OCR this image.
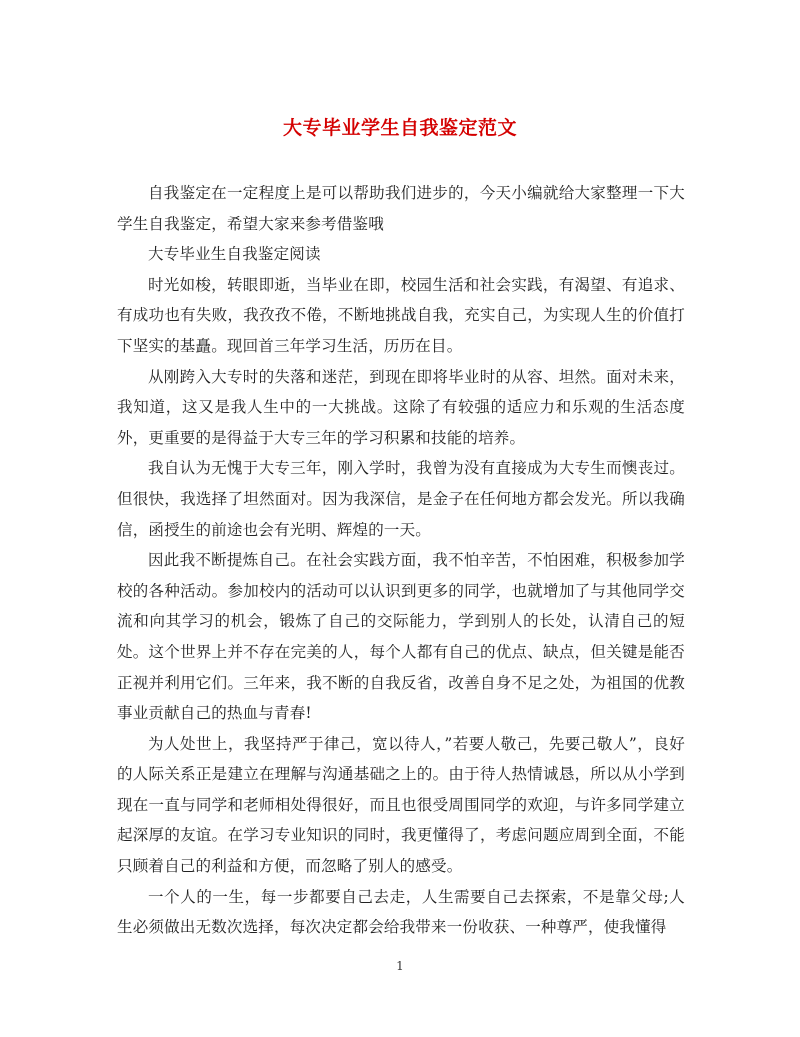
大专毕业学生自我鉴定范文

自我鉴定在一定程度上是可以帮助我们进步的，今天小编就给大家整理一下大学生自我鉴定，希望大家来参考借鉴哦

大专毕业生自我鉴定阅读

时光如梭，转眼即逝，当毕业在即，校园生活和社会实践，有渴望、有追求、有成功也有失败，我孜孜不倦，不断地挑战自我，充实自己，为实现人生的价值打下坚实的基矗。现回首三年学习生活，历历在目。

从刚跨入大专时的失落和迷茫，到现在即将毕业时的从容、坦然。面对未来，我知道，这又是我人生中的一大挑战。这除了有较强的适应力和乐观的生活态度外，更重要的是得益于大专三年的学习积累和技能的培养。

我自认为无愧于大专三年，刚入学时，我曾为没有直接成为大专生而懊丧过。但很快，我选择了坦然面对。因为我深信，是金子在任何地方都会发光。所以我确信，函授生的前途也会有光明、辉煌的一天。

因此我不断提炼自己。在社会实践方面，我不怕辛苦，不怕困难，积极参加学校的各种活动。参加校内的活动可以认识到更多的同学，也就增加了与其他同学交流和向其学习的机会，锻炼了自己的交际能力，学到别人的长处，认清自己的短处。这个世界上并不存在完美的人，每个人都有自己的优点、缺点，但关键是能否正视并利用它们。三年来，我不断的自我反省，改善自身不足之处，为祖国的优教事业贡献自己的热血与青春!

为人处世上，我坚持严于律己，宽以待人，”若要人敬己，先要己敬人”，良好的人际关系正是建立在理解与沟通基础之上的。由于待人热情诚恳，所以从小学到现在一直与同学和老师相处得很好，而且也很受周围同学的欢迎，与许多同学建立起深厚的友谊。在学习专业知识的同时，我更懂得了，考虑问题应周到全面，不能只顾着自己的利益和方便，而忽略了别人的感受。

一个人的一生，每一步都要自己去走，人生需要自己去探索，不是靠父母;人生必须做出无数次选择，每次决定都会给我带来一份收获、一种尊严，使我懂得

1
